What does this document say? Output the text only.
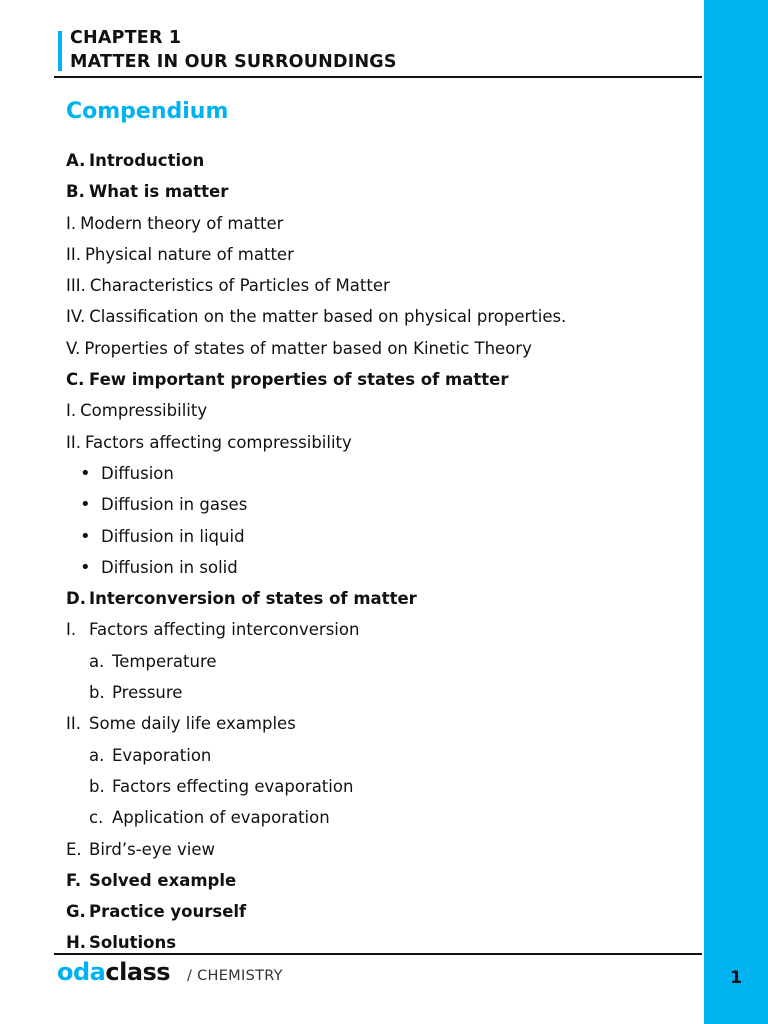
1
CHAPTER 1
MATTER IN OUR SURROUNDINGS
Compendium
A. Introduction
B. What is matter
I. Modern theory of matter
II. Physical nature of matter
III. Characteristics of Particles of Matter
IV. Classification on the matter based on physical properties.
V. Properties of states of matter based on Kinetic Theory
C. Few important properties of states of matter
I. Compressibility
II. Factors affecting compressibility
• Diffusion
• Diffusion in gases
• Diffusion in liquid
• Diffusion in solid
D. Interconversion of states of matter
I. Factors affecting interconversion
a. Temperature
b. Pressure
II. Some daily life examples
a. Evaporation
b. Factors effecting evaporation
c. Application of evaporation
E. Bird’s-eye view
F. Solved example
G. Practice yourself
H. Solutions
odaclass / CHEMISTRY
